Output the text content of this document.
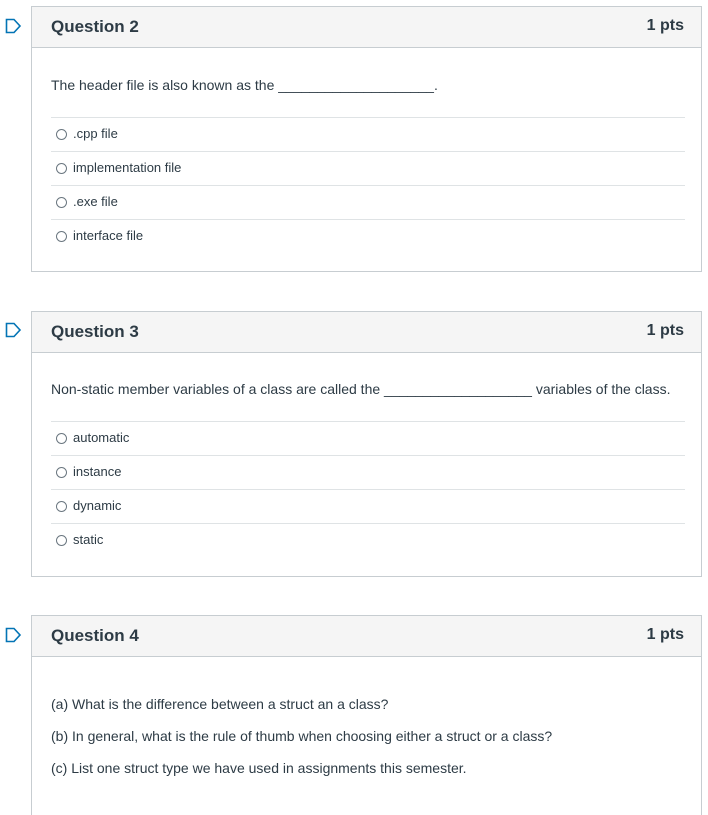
Question 2	1 pts
The header file is also known as the ____________________.
.cpp file
implementation file
.exe file
interface file
Question 3	1 pts
Non-static member variables of a class are called the ___________________ variables of the class.
automatic
instance
dynamic
static
Question 4	1 pts
(a) What is the difference between a struct an a class?
(b) In general, what is the rule of thumb when choosing either a struct or a class?
(c) List one struct type we have used in assignments this semester.
